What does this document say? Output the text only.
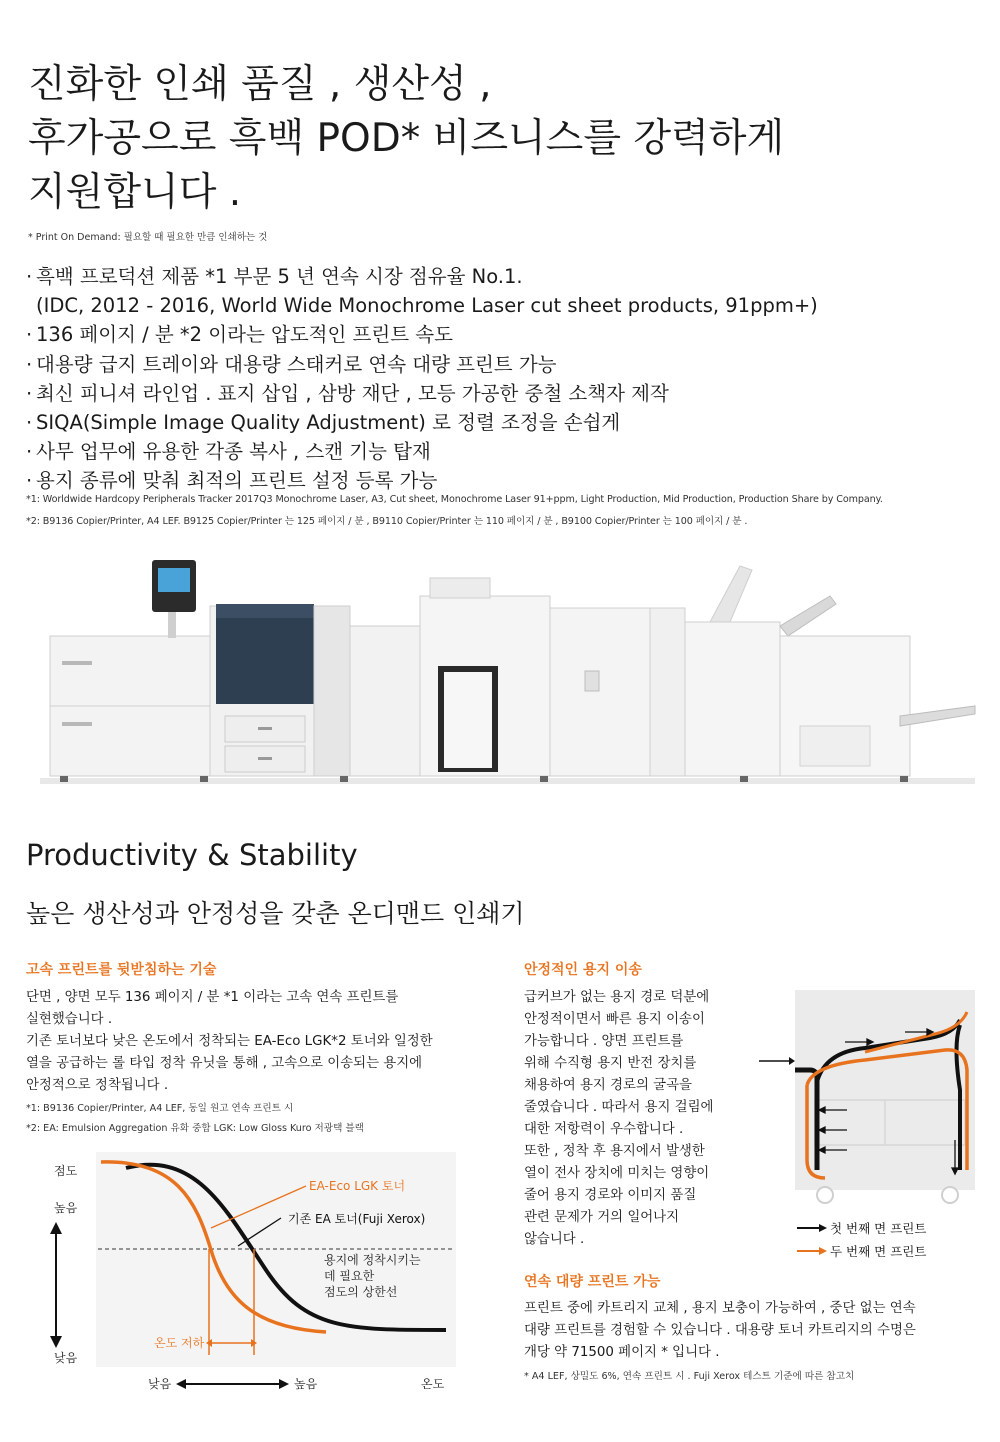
진화한 인쇄 품질 , 생산성 ,
후가공으로 흑백 POD* 비즈니스를 강력하게
지원합니다 .
* Print On Demand: 필요할 때 필요한 만큼 인쇄하는 것
· 흑백 프로덕션 제품 *1 부문 5 년 연속 시장 점유율 No.1.
(IDC, 2012 - 2016, World Wide Monochrome Laser cut sheet products, 91ppm+)
· 136 페이지 / 분 *2 이라는 압도적인 프린트 속도
· 대용량 급지 트레이와 대용량 스태커로 연속 대량 프린트 가능
· 최신 피니셔 라인업 . 표지 삽입 , 삼방 재단 , 모등 가공한 중철 소책자 제작
· SIQA(Simple Image Quality Adjustment) 로 정렬 조정을 손쉽게
· 사무 업무에 유용한 각종 복사 , 스캔 기능 탑재
· 용지 종류에 맞춰 최적의 프린트 설정 등록 가능
*1: Worldwide Hardcopy Peripherals Tracker 2017Q3 Monochrome Laser, A3, Cut sheet, Monochrome Laser 91+ppm, Light Production, Mid Production, Production Share by Company.
*2: B9136 Copier/Printer, A4 LEF. B9125 Copier/Printer 는 125 페이지 / 분 , B9110 Copier/Printer 는 110 페이지 / 분 , B9100 Copier/Printer 는 100 페이지 / 분 .
Productivity & Stability
높은 생산성과 안정성을 갖춘 온디맨드 인쇄기
고속 프린트를 뒷받침하는 기술
단면 , 양면 모두 136 페이지 / 분 *1 이라는 고속 연속 프린트를
실현했습니다 .
기존 토너보다 낮은 온도에서 정착되는 EA-Eco LGK*2 토너와 일정한
열을 공급하는 롤 타입 정착 유닛을 통해 , 고속으로 이송되는 용지에
안정적으로 정착됩니다 .
*1: B9136 Copier/Printer, A4 LEF, 동일 원고 연속 프린트 시
*2: EA: Emulsion Aggregation 유화 중합 LGK: Low Gloss Kuro 저광택 블랙
점도
높음
낮음
온도 저하
EA-Eco LGK 토너
기존 EA 토너(Fuji Xerox)
용지에 정착시키는
데 필요한
점도의 상한선
낮음	높음	온도
안정적인 용지 이송
급커브가 없는 용지 경로 덕분에
안정적이면서 빠른 용지 이송이
가능합니다 . 양면 프린트를
위해 수직형 용지 반전 장치를
채용하여 용지 경로의 굴곡을
줄였습니다 . 따라서 용지 걸림에
대한 저항력이 우수합니다 .
또한 , 정착 후 용지에서 발생한
열이 전사 장치에 미치는 영향이
줄어 용지 경로와 이미지 품질
관련 문제가 거의 일어나지
않습니다 .
첫 번째 면 프린트
두 번째 면 프린트
연속 대량 프린트 가능
프린트 중에 카트리지 교체 , 용지 보충이 가능하여 , 중단 없는 연속
대량 프린트를 경험할 수 있습니다 . 대용량 토너 카트리지의 수명은
개당 약 71500 페이지 * 입니다 .
* A4 LEF, 상밀도 6%, 연속 프린트 시 . Fuji Xerox 테스트 기준에 따른 참고치
